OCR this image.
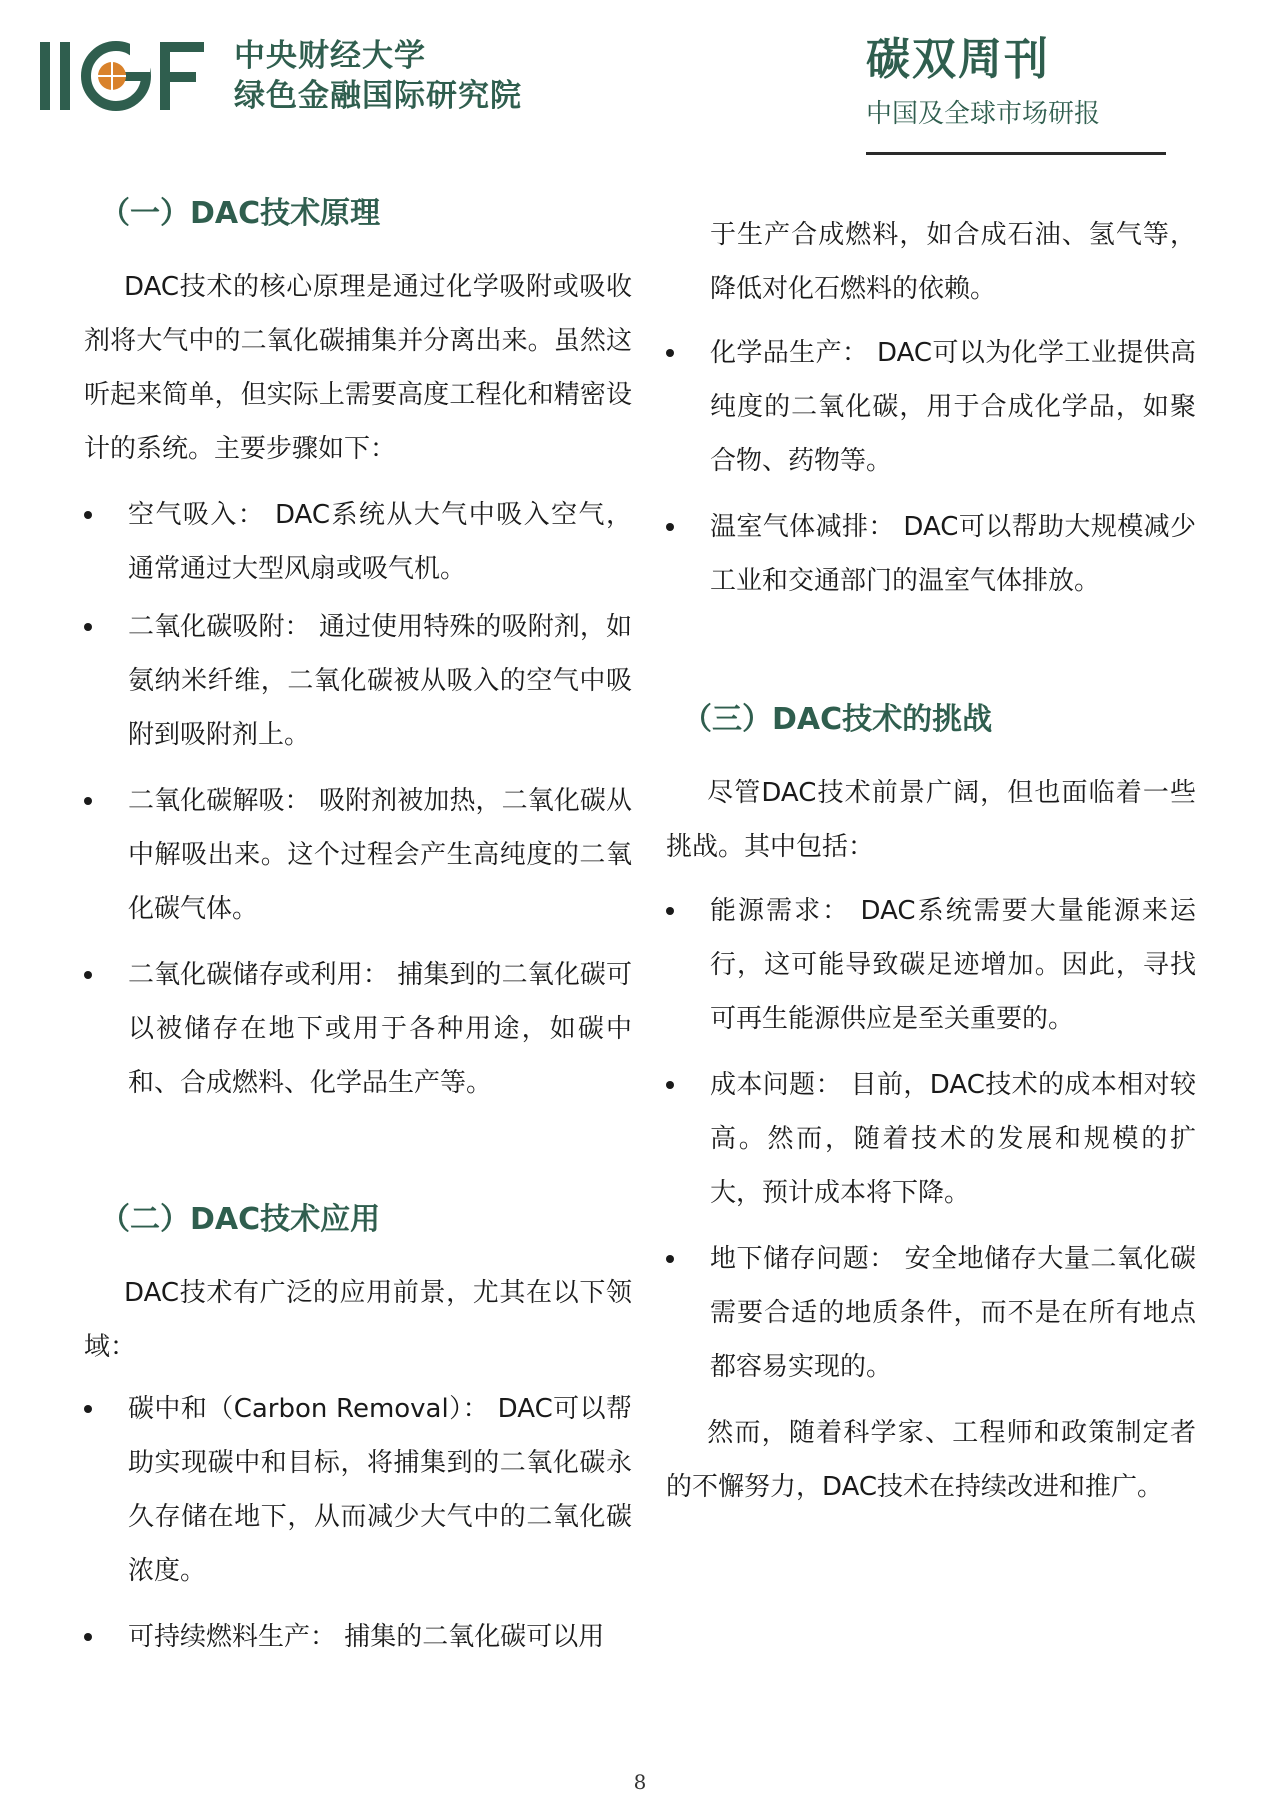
中央财经大学
绿色金融国际研究院
碳双周刊
中国及全球市场研报
（一）DAC技术原理
DAC技术的核心原理是通过化学吸附或吸收剂将大气中的二氧化碳捕集并分离出来。虽然这听起来简单，但实际上需要高度工程化和精密设计的系统。主要步骤如下：
空气吸入： DAC系统从大气中吸入空气，通常通过大型风扇或吸气机。
二氧化碳吸附： 通过使用特殊的吸附剂，如氨纳米纤维，二氧化碳被从吸入的空气中吸附到吸附剂上。
二氧化碳解吸： 吸附剂被加热，二氧化碳从中解吸出来。这个过程会产生高纯度的二氧化碳气体。
二氧化碳储存或利用： 捕集到的二氧化碳可以被储存在地下或用于各种用途，如碳中和、合成燃料、化学品生产等。
（二）DAC技术应用
DAC技术有广泛的应用前景，尤其在以下领域：
碳中和（Carbon Removal）： DAC可以帮助实现碳中和目标，将捕集到的二氧化碳永久存储在地下，从而减少大气中的二氧化碳浓度。
可持续燃料生产： 捕集的二氧化碳可以用
于生产合成燃料，如合成石油、氢气等，降低对化石燃料的依赖。
化学品生产： DAC可以为化学工业提供高纯度的二氧化碳，用于合成化学品，如聚合物、药物等。
温室气体减排： DAC可以帮助大规模减少工业和交通部门的温室气体排放。
（三）DAC技术的挑战
尽管DAC技术前景广阔，但也面临着一些挑战。其中包括：
能源需求： DAC系统需要大量能源来运行，这可能导致碳足迹增加。因此，寻找可再生能源供应是至关重要的。
成本问题： 目前，DAC技术的成本相对较高。然而，随着技术的发展和规模的扩大，预计成本将下降。
地下储存问题： 安全地储存大量二氧化碳需要合适的地质条件，而不是在所有地点都容易实现的。
然而，随着科学家、工程师和政策制定者的不懈努力，DAC技术在持续改进和推广。
8
